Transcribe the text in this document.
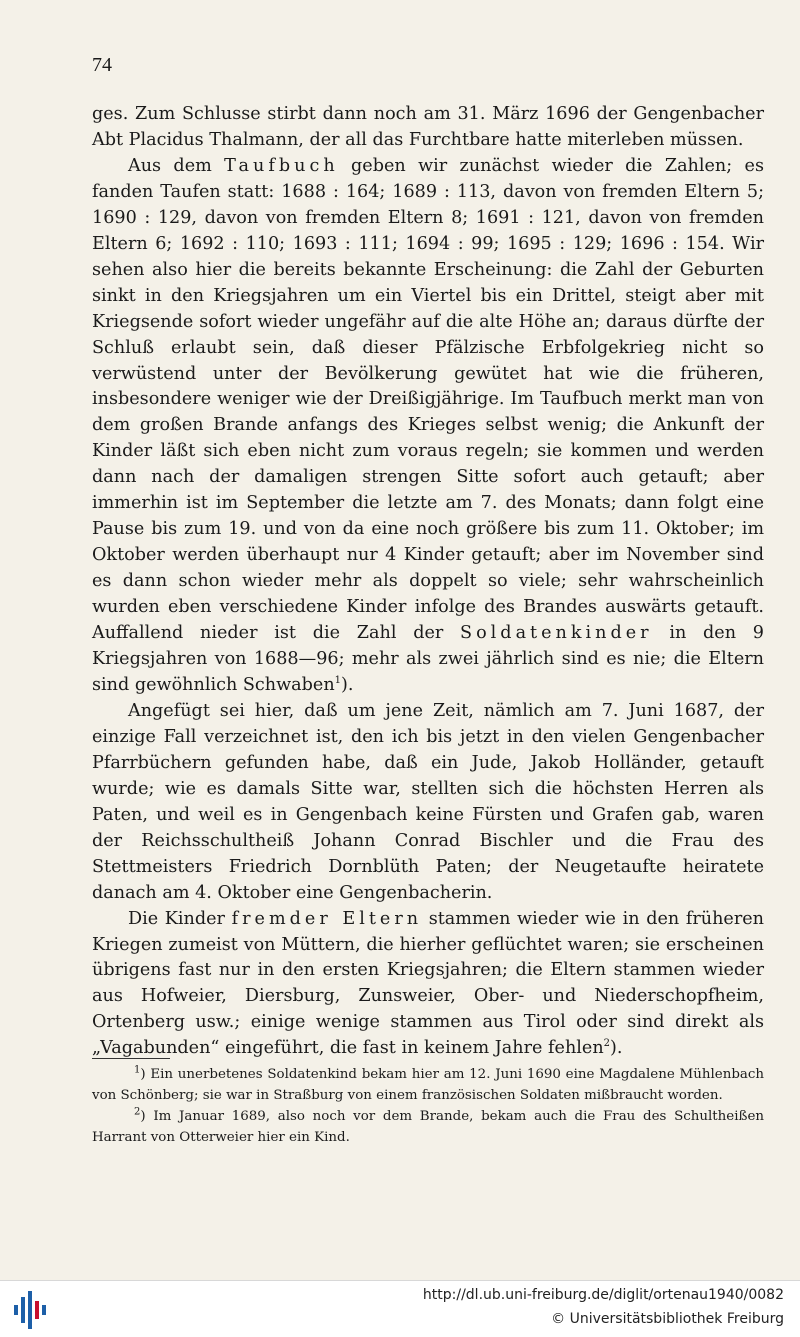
74

ges. Zum Schlusse stirbt dann noch am 31. März 1696 der Gengenbacher Abt Placidus Thalmann, der all das Furchtbare hatte miterleben müssen.

Aus dem Taufbuch geben wir zunächst wieder die Zahlen; es fanden Taufen statt: 1688 : 164; 1689 : 113, davon von fremden Eltern 5; 1690 : 129, davon von fremden Eltern 8; 1691 : 121, davon von fremden Eltern 6; 1692 : 110; 1693 : 111; 1694 : 99; 1695 : 129; 1696 : 154. Wir sehen also hier die bereits bekannte Erscheinung: die Zahl der Geburten sinkt in den Kriegsjahren um ein Viertel bis ein Drittel, steigt aber mit Kriegsende sofort wieder ungefähr auf die alte Höhe an; daraus dürfte der Schluß erlaubt sein, daß dieser Pfälzische Erbfolgekrieg nicht so verwüstend unter der Bevölkerung gewütet hat wie die früheren, insbesondere weniger wie der Dreißigjährige. Im Taufbuch merkt man von dem großen Brande anfangs des Krieges selbst wenig; die Ankunft der Kinder läßt sich eben nicht zum voraus regeln; sie kommen und werden dann nach der damaligen strengen Sitte sofort auch getauft; aber immerhin ist im September die letzte am 7. des Monats; dann folgt eine Pause bis zum 19. und von da eine noch größere bis zum 11. Oktober; im Oktober werden überhaupt nur 4 Kinder getauft; aber im November sind es dann schon wieder mehr als doppelt so viele; sehr wahrscheinlich wurden eben verschiedene Kinder infolge des Brandes auswärts getauft. Auffallend nieder ist die Zahl der Soldatenkinder in den 9 Kriegsjahren von 1688—96; mehr als zwei jährlich sind es nie; die Eltern sind gewöhnlich Schwaben$^1$).

Angefügt sei hier, daß um jene Zeit, nämlich am 7. Juni 1687, der einzige Fall verzeichnet ist, den ich bis jetzt in den vielen Gengenbacher Pfarrbüchern gefunden habe, daß ein Jude, Jakob Holländer, getauft wurde; wie es damals Sitte war, stellten sich die höchsten Herren als Paten, und weil es in Gengenbach keine Fürsten und Grafen gab, waren der Reichsschultheiß Johann Conrad Bischler und die Frau des Stettmeisters Friedrich Dornblüth Paten; der Neugetaufte heiratete danach am 4. Oktober eine Gengenbacherin.

Die Kinder fremder Eltern stammen wieder wie in den früheren Kriegen zumeist von Müttern, die hierher geflüchtet waren; sie erscheinen übrigens fast nur in den ersten Kriegsjahren; die Eltern stammen wieder aus Hofweier, Diersburg, Zunsweier, Ober- und Niederschopfheim, Ortenberg usw.; einige wenige stammen aus Tirol oder sind direkt als „Vagabunden“ eingeführt, die fast in keinem Jahre fehlen$^2$).

$^1$) Ein unerbetenes Soldatenkind bekam hier am 12. Juni 1690 eine Magdalene Mühlenbach von Schönberg; sie war in Straßburg von einem französischen Soldaten mißbraucht worden.

$^2$) Im Januar 1689, also noch vor dem Brande, bekam auch die Frau des Schultheißen Harrant von Otterweier hier ein Kind.

http://dl.ub.uni-freiburg.de/diglit/ortenau1940/0082
© Universitätsbibliothek Freiburg
